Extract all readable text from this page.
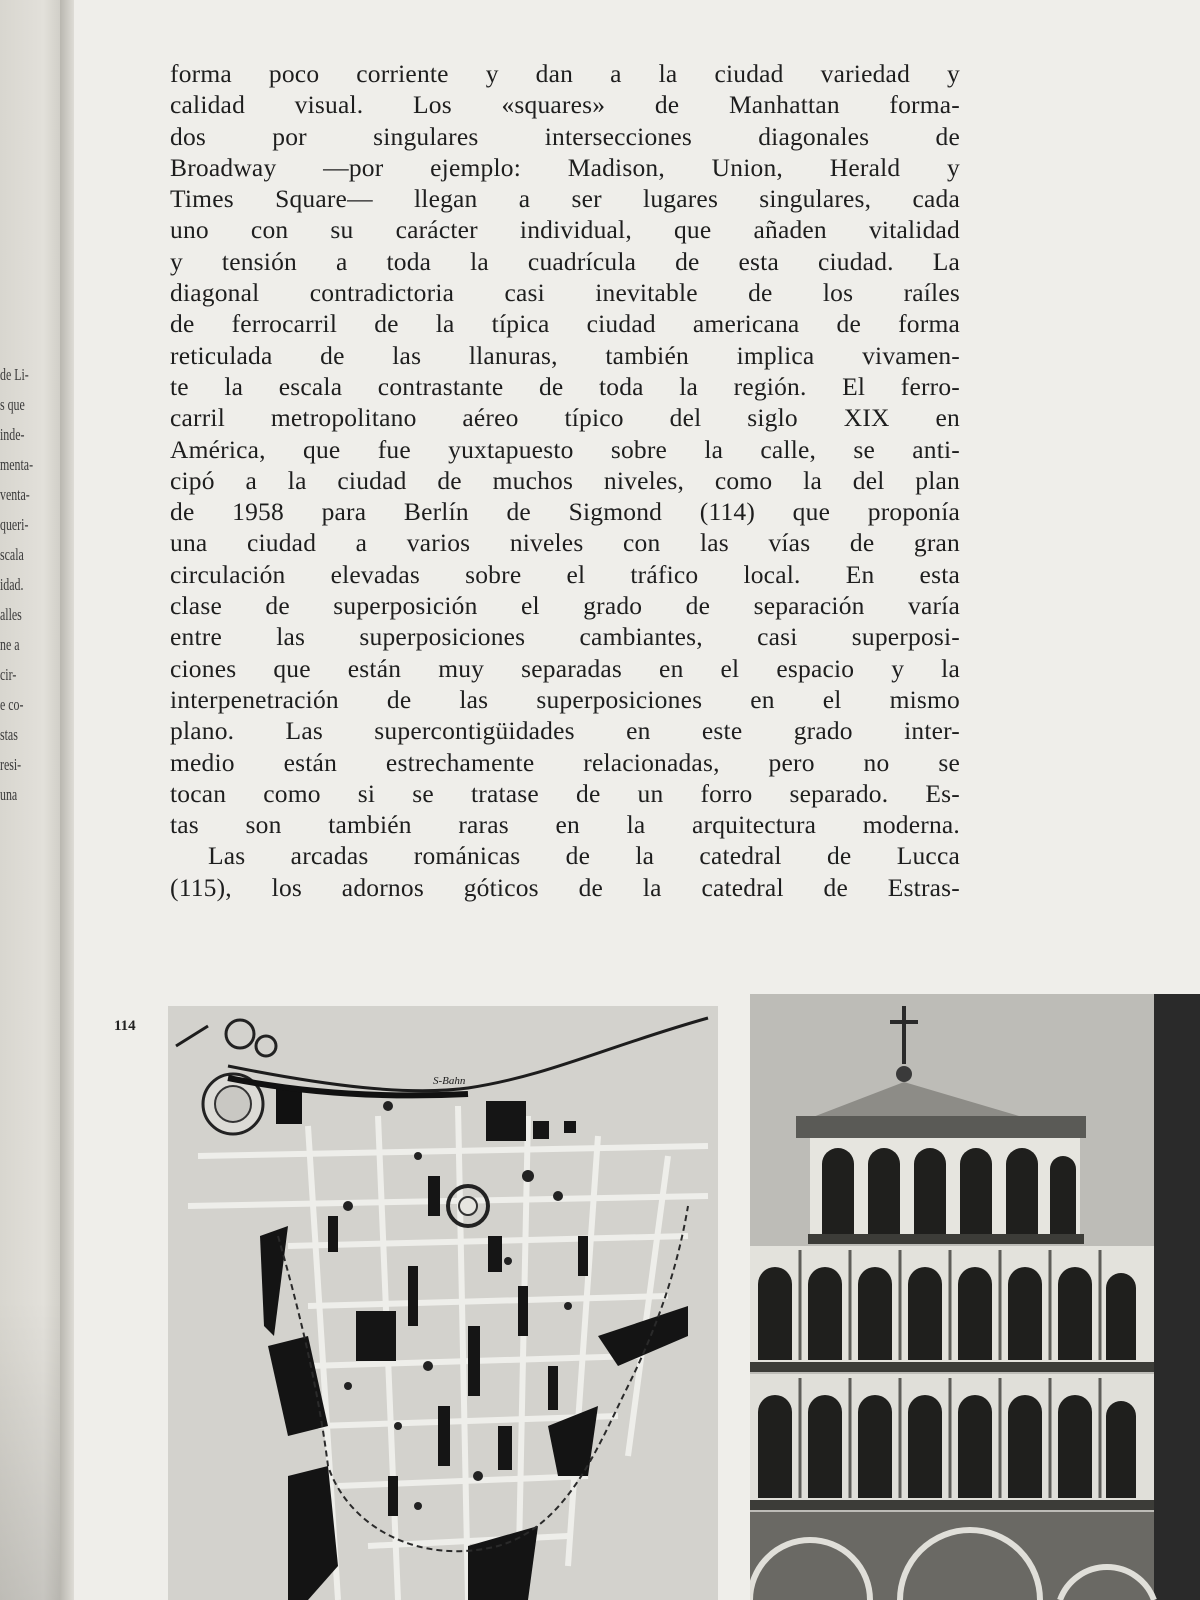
de Li-
s que
inde-
menta-
venta-
queri-
scala
idad.
alles
ne a
cir-
e co-
stas
resi-
una
forma poco corriente y dan a la ciudad variedad y
calidad visual. Los «squares» de Manhattan forma-
dos por singulares intersecciones diagonales de
Broadway —por ejemplo: Madison, Union, Herald y
Times Square— llegan a ser lugares singulares, cada
uno con su carácter individual, que añaden vitalidad
y tensión a toda la cuadrícula de esta ciudad. La
diagonal contradictoria casi inevitable de los raíles
de ferrocarril de la típica ciudad americana de forma
reticulada de las llanuras, también implica vivamen-
te la escala contrastante de toda la región. El ferro-
carril metropolitano aéreo típico del siglo XIX en
América, que fue yuxtapuesto sobre la calle, se anti-
cipó a la ciudad de muchos niveles, como la del plan
de 1958 para Berlín de Sigmond (114) que proponía
una ciudad a varios niveles con las vías de gran
circulación elevadas sobre el tráfico local. En esta
clase de superposición el grado de separación varía
entre las superposiciones cambiantes, casi superposi-
ciones que están muy separadas en el espacio y la
interpenetración de las superposiciones en el mismo
plano. Las supercontigüidades en este grado inter-
medio están estrechamente relacionadas, pero no se
tocan como si se tratase de un forro separado. Es-
tas son también raras en la arquitectura moderna.
Las arcadas románicas de la catedral de Lucca
(115), los adornos góticos de la catedral de Estras-
114
S-Bahn
